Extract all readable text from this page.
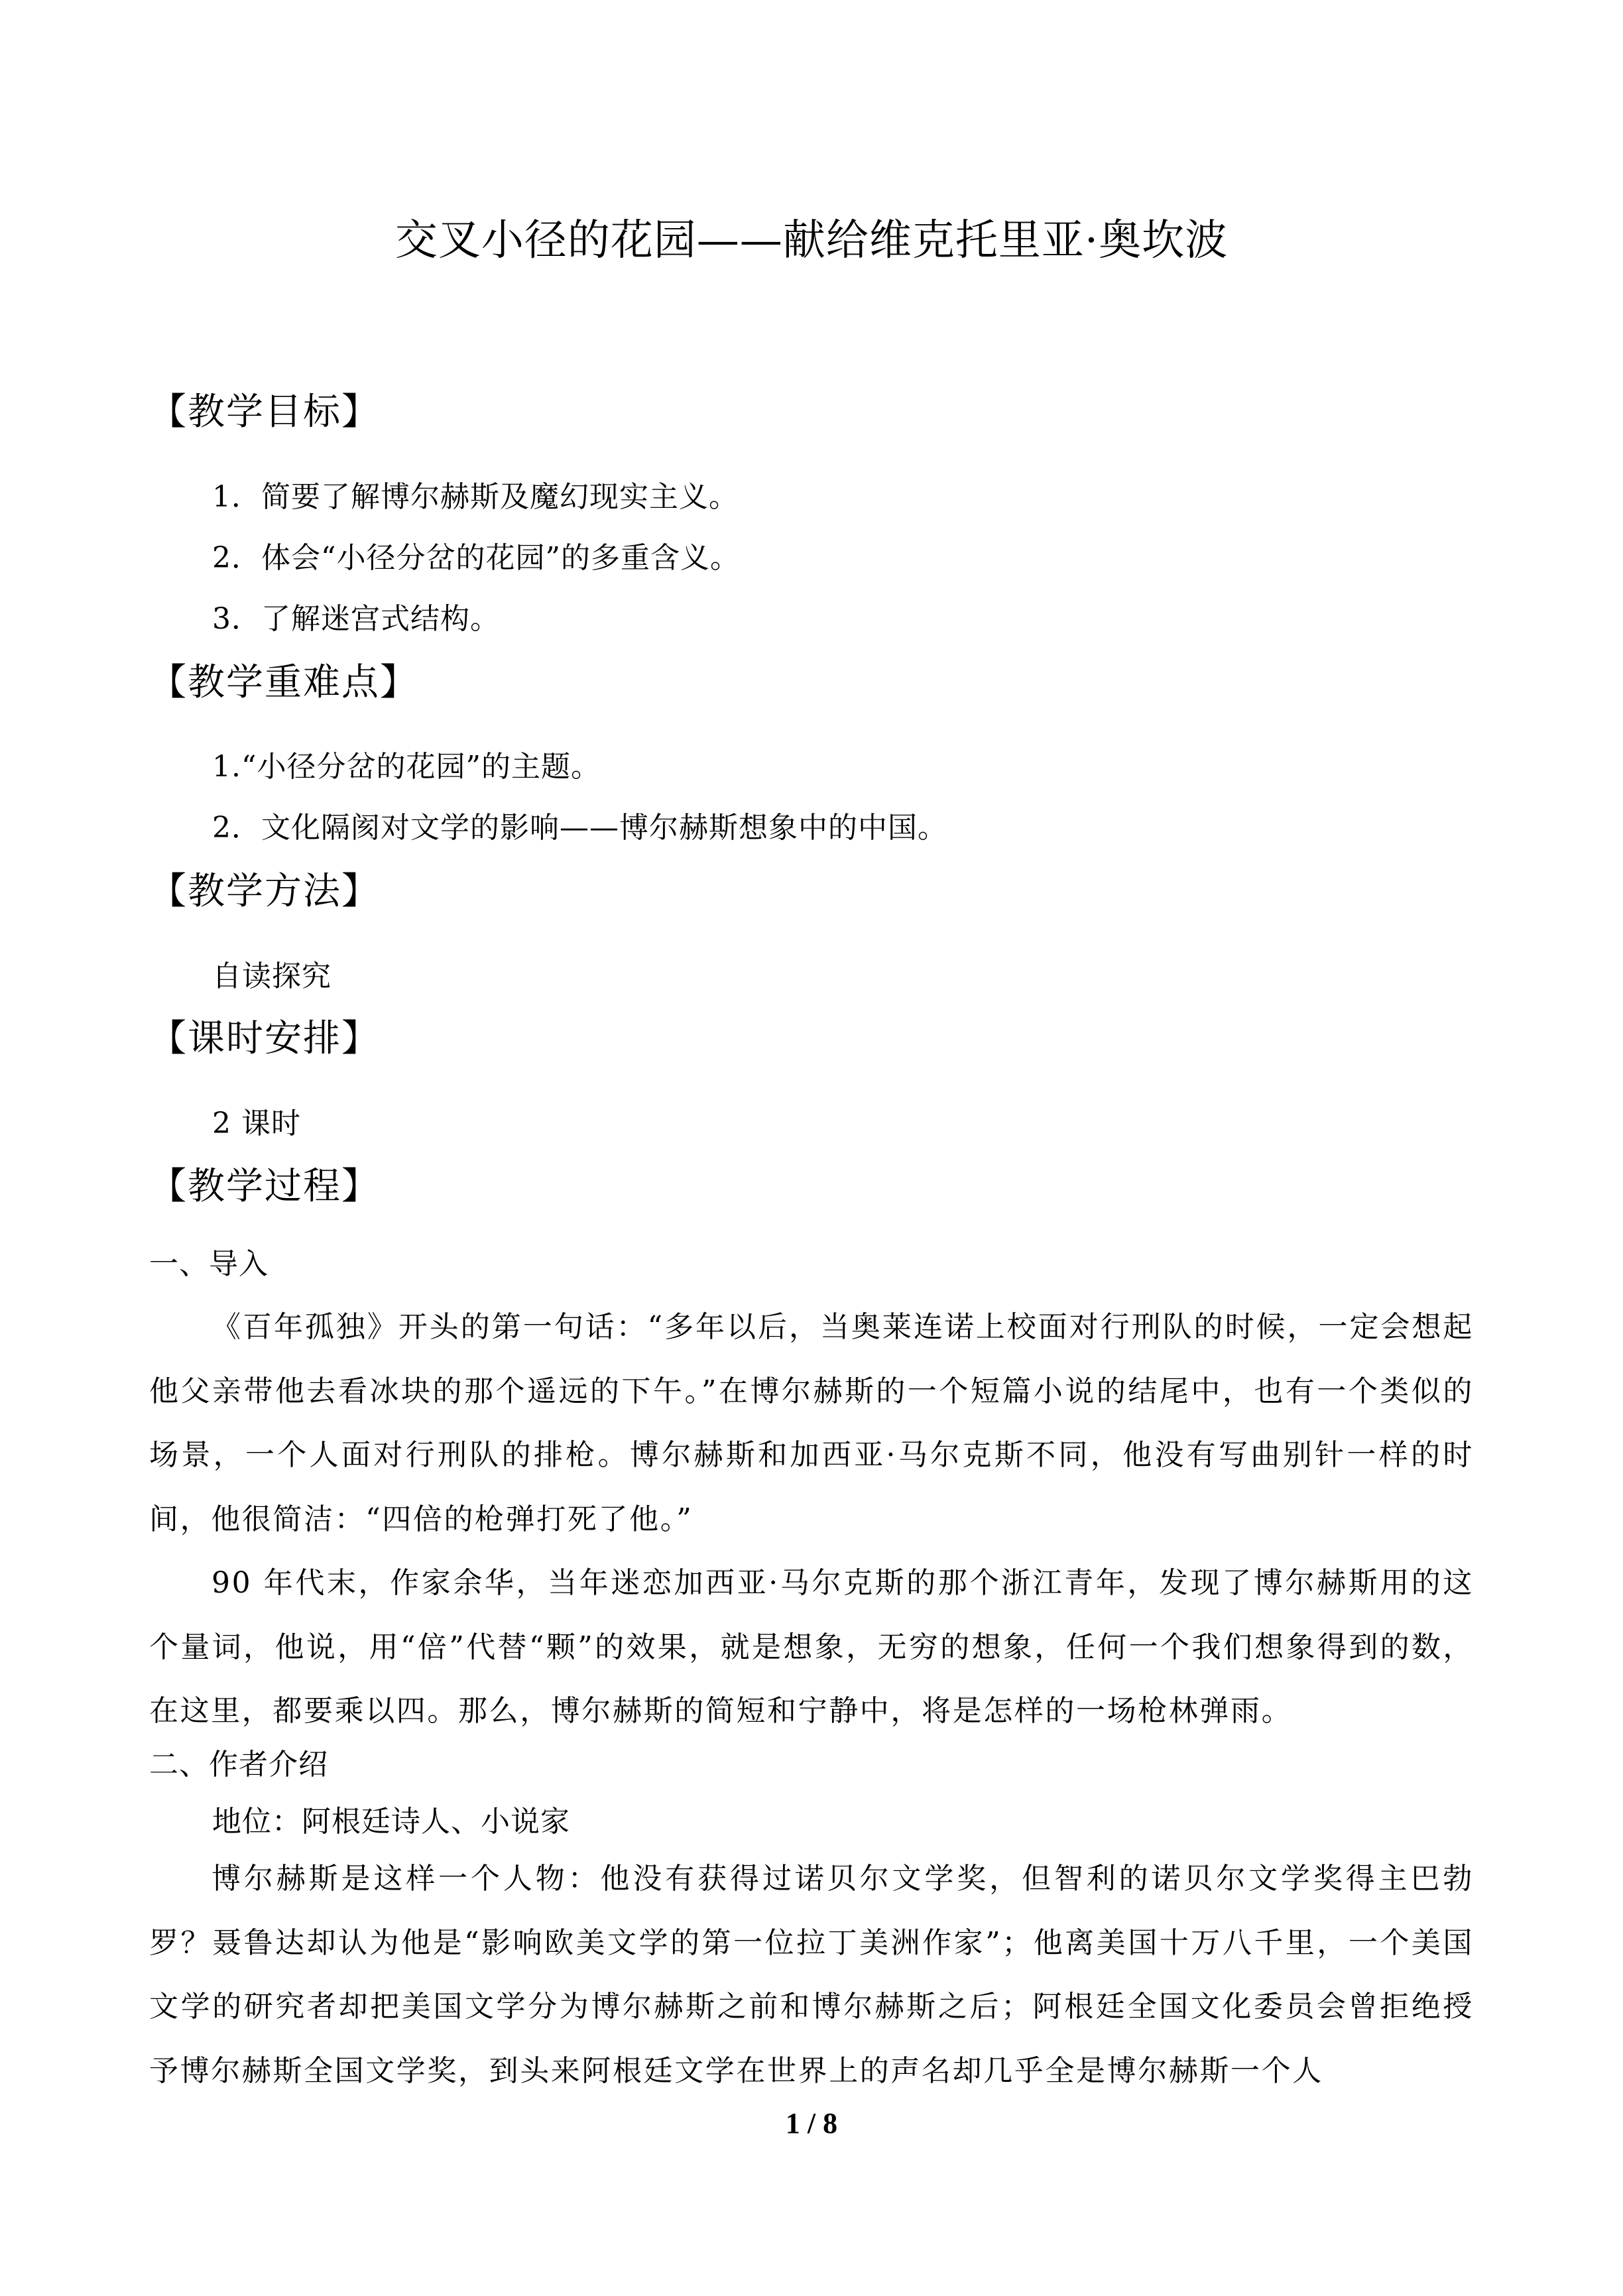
交叉小径的花园——献给维克托里亚·奥坎波
【教学目标】
1．简要了解博尔赫斯及魔幻现实主义。
2．体会“小径分岔的花园”的多重含义。
3．了解迷宫式结构。
【教学重难点】
1.“小径分岔的花园”的主题。
2．文化隔阂对文学的影响——博尔赫斯想象中的中国。
【教学方法】
自读探究
【课时安排】
2 课时
【教学过程】
一、导入

《百年孤独》开头的第一句话：“多年以后，当奥莱连诺上校面对行刑队的时候，一定会想起他父亲带他去看冰块的那个遥远的下午。”在博尔赫斯的一个短篇小说的结尾中，也有一个类似的场景，一个人面对行刑队的排枪。博尔赫斯和加西亚·马尔克斯不同，他没有写曲别针一样的时间，他很简洁：“四倍的枪弹打死了他。”

90 年代末，作家余华，当年迷恋加西亚·马尔克斯的那个浙江青年，发现了博尔赫斯用的这个量词，他说，用“倍”代替“颗”的效果，就是想象，无穷的想象，任何一个我们想象得到的数，在这里，都要乘以四。那么，博尔赫斯的简短和宁静中，将是怎样的一场枪林弹雨。

二、作者介绍
地位：阿根廷诗人、小说家

博尔赫斯是这样一个人物：他没有获得过诺贝尔文学奖，但智利的诺贝尔文学奖得主巴勃罗？聂鲁达却认为他是“影响欧美文学的第一位拉丁美洲作家”；他离美国十万八千里，一个美国文学的研究者却把美国文学分为博尔赫斯之前和博尔赫斯之后；阿根廷全国文化委员会曾拒绝授予博尔赫斯全国文学奖，到头来阿根廷文学在世界上的声名却几乎全是博尔赫斯一个人

1 / 8
